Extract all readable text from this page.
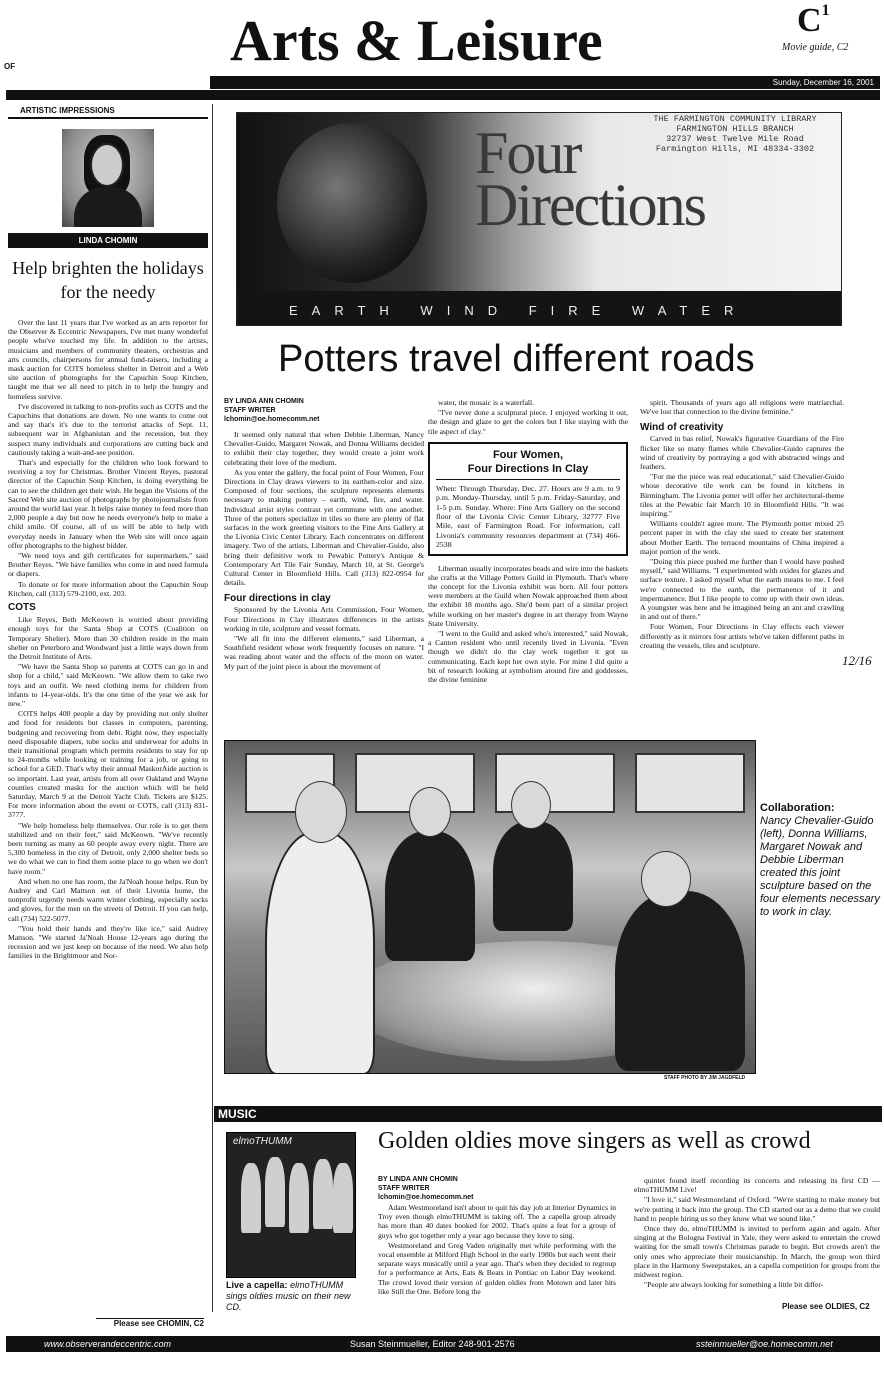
OF	Arts & Leisure	$C^1$
Movie guide, C2
Sunday, December 16, 2001
ARTISTIC IMPRESSIONS
LINDA CHOMIN
Help brighten the holidays for the needy

Over the last 11 years that I've worked as an arts reporter for the Observer & Eccentric Newspapers, I've met many wonderful people who've touched my life. In addition to the artists, musicians and members of community theaters, orchestras and arts councils, chairpersons for annual fund-raisers, including a mask auction for COTS homeless shelter in Detroit and a Web site auction of photographs for the Capuchin Soup Kitchen, taught me that we all need to pitch in to help the hungry and homeless survive.

I've discovered in talking to non-profits such as COTS and the Capuchins that donations are down. No one wants to come out and say that's it's due to the terrorist attacks of Sept. 11, subsequent war in Afghanistan and the recession, but they suspect many individuals and corporations are cutting back and cautiously taking a wait-and-see position.

That's and especially for the children who look forward to receiving a toy for Christmas. Brother Vincent Reyes, pastoral director of the Capuchin Soup Kitchen, is doing everything he can to see the children get their wish. He began the Visions of the Sacred Web site auction of photographs by photojournalists from around the world last year. It helps raise money to feed more than 2,000 people a day but now he needs everyone's help to make a child smile. Of course, all of us will be able to help with everyday needs in January when the Web site will once again offer photographs to the highest bidder.

"We need toys and gift certificates for supermarkets," said Brother Reyes. "We have families who come in and need formula or diapers.

To donate or for more information about the Capuchin Soup Kitchen, call (313) 579-2100, ext. 203.

COTS

Like Reyes, Beth McKeown is worried about providing enough toys for the Santa Shop at COTS (Coalition on Temporary Shelter). More than 30 children reside in the main shelter on Peterboro and Woodward just a little ways down from the Detroit Institute of Arts.

"We have the Santa Shop so parents at COTS can go in and shop for a child," said McKeown. "We allow them to take two toys and an outfit. We need clothing items for children from infants to 14-year-olds. It's the one time of the year we ask for new."

COTS helps 400 people a day by providing not only shelter and food for residents but classes in computers, parenting, budgeting and recovering from debt. Right now, they especially need disposable diapers, tube socks and underwear for adults in their transitional program which permits residents to stay for up to 24-months while looking or training for a job, or going to school for a GED. That's why their annual MaskorAide auction is so important. Last year, artists from all over Oakland and Wayne counties created masks for the auction which will be held Saturday, March 9 at the Detroit Yacht Club. Tickets are $125. For more information about the event or COTS, call (313) 831-3777.

"We help homeless help themselves. Our role is to get them stabilized and on their feet," said McKeown. "We've recently been turning as many as 60 people away every night. There are 5,300 homeless in the city of Detroit, only 2,000 shelter beds so we do what we can to find them some place to go when we don't have room."

And when no one has room, the Ja'Noah house helps. Run by Audrey and Carl Mattson out of their Livonia home, the nonprofit urgently needs warm winter clothing, especially socks and gloves, for the men on the streets of Detroit. If you can help, call (734) 522-5077.

"You hold their hands and they're like ice," said Audrey Mattson. "We started Ja'Noah House 12-years ago during the recession and we just keep on because of the need. We also help families in the Brightmoor and Nor-

Please see CHOMIN, C2
Four
Directions
EARTH WIND FIRE WATER
THE FARMINGTON COMMUNITY LIBRARY
FARMINGTON HILLS BRANCH
32737 West Twelve Mile Road
Farmington Hills, MI 48334-3302
Potters travel different roads

BY LINDA ANN CHOMIN

STAFF WRITER

lchomin@oe.homecomm.net

It seemed only natural that when Debbie Liberman, Nancy Chevalier-Guido, Margaret Nowak, and Donna Williams decided to exhibit their clay together, they would create a joint work celebrating their love of the medium.

As you enter the gallery, the focal point of Four Women, Four Directions in Clay draws viewers to its earthen-color and size. Composed of four sections, the sculpture represents elements necessary to making pottery – earth, wind, fire, and water. Individual artist styles contrast yet commune with one another. Three of the potters specialize in tiles so there are plenty of flat surfaces in the work greeting visitors to the Fine Arts Gallery at the Livonia Civic Center Library. Each concentrates on different imagery. Two of the artists, Liberman and Chevalier-Guido, also bring their definitive work to Pewabic Pottery's Antique & Contemporary Art Tile Fair Sunday, March 10, at St. George's Cultural Center in Bloomfield Hills. Call (313) 822-0954 for details.

Four directions in clay

Sponsored by the Livonia Arts Commission, Four Women, Four Directions in Clay illustrates differences in the artists working in tile, sculpture and vessel formats.

"We all fit into the different elements," said Liberman, a Southfield resident whose work frequently focuses on nature. "I was reading about water and the effects of the moon on water. My part of the joint piece is about the movement of

water, the mosaic is a waterfall.

"I've never done a sculptural piece. I enjoyed working it out, the design and glaze to get the colors but I like staying with the tile aspect of clay."

Four Women,
Four Directions In Clay
When: Through Thursday, Dec. 27. Hours are 9 a.m. to 9 p.m. Monday-Thursday, until 5 p.m. Friday-Saturday, and 1-5 p.m. Sunday. Where: Fine Arts Gallery on the second floor of the Livonia Civic Center Library, 32777 Five Mile, east of Farmington Road. For information, call Livonia's community resources department at (734) 466-2538

Liberman usually incorporates beads and wire into the baskets she crafts at the Village Potters Guild in Plymouth. That's where the concept for the Livonia exhibit was born. All four potters were members at the Guild when Nowak approached them about the exhibit 18 months ago. She'd been part of a similar project while working on her master's degree in art therapy from Wayne State University.

"I went to the Guild and asked who's interested," said Nowak, a Canton resident who until recently lived in Livonia. "Even though we didn't do the clay work together it got us communicating. Each kept her own style. For mine I did quite a bit of research looking at symbolism around fire and goddesses, the divine feminine

spirit. Thousands of years ago all religions were matriarchal. We've lost that connection to the divine feminine."

Wind of creativity

Carved in bas relief, Nowak's figurative Guardians of the Fire flicker like so many flames while Chevalier-Guido captures the wind of creativity by portraying a god with abstracted wings and feathers.

"For me the piece was real educational," said Chevalier-Guido whose decorative tile work can be found in kitchens in Birmingham. The Livonia potter will offer her architectural-theme tiles at the Pewabic fair March 10 in Bloomfield Hills. "It was inspiring."

Williams couldn't agree more. The Plymouth potter mixed 25 percent paper in with the clay she used to create her statement about Mother Earth. The terraced mountains of China inspired a major portion of the work.

"Doing this piece pushed me further than I would have pushed myself," said Williams. "I experimented with oxides for glazes and surface texture. I asked myself what the earth means to me. I feel we're connected to the earth, the permanence of it and impermanence. But I like people to come up with their own ideas. A youngster was here and he imagined being an ant and crawling in and out of there."

Four Women, Four Directions in Clay effects each viewer differently as it mirrors four artists who've taken different paths in creating the vessels, tiles and sculpture.

12/16
STAFF PHOTO BY JIM JAGDFELD
Collaboration:
Nancy Chevalier-Guido (left), Donna Williams, Margaret Nowak and Debbie Liberman created this joint sculpture based on the four elements necessary to work in clay.
MUSIC
elmoTHUMM
Live a capella: elmoTHUMM sings oldies music on their new CD.
Golden oldies move singers as well as crowd

BY LINDA ANN CHOMIN

STAFF WRITER

lchomin@oe.homecomm.net

Adam Westmoreland isn't about to quit his day job at Interior Dynamics in Troy even though elmoTHUMM is taking off. The a capella group already has more than 40 dates booked for 2002. That's quite a feat for a group of guys who got together only a year ago because they love to sing.

Westmoreland and Greg Vaden originally met while performing with the vocal ensemble at Milford High School in the early 1980s but each went their separate ways musically until a year ago. That's when they decided to regroup for a performance at Arts, Eats & Beats in Pontiac on Labor Day weekend. The crowd loved their version of golden oldies from Motown and later hits like Still the One. Before long the

quintet found itself recording its concerts and releasing its first CD — elmoTHUMM Live!

"I love it," said Westmoreland of Oxford. "We're starting to make money but we're putting it back into the group. The CD started out as a demo that we could hand to people hiring us so they know what we sound like."

Once they do, elmoTHUMM is invited to perform again and again. After singing at the Bologna Festival in Yale, they were asked to entertain the crowd waiting for the small town's Christmas parade to begin. But crowds aren't the only ones who appreciate their musicianship. In March, the group won third place in the Harmony Sweepstakes, an a capella competition for groups from the midwest region.

"People are always looking for something a little bit differ-

Please see OLDIES, C2
www.observerandeccentric.com	Susan Steinmueller, Editor 248-901-2576	ssteinmueller@oe.homecomm.net
